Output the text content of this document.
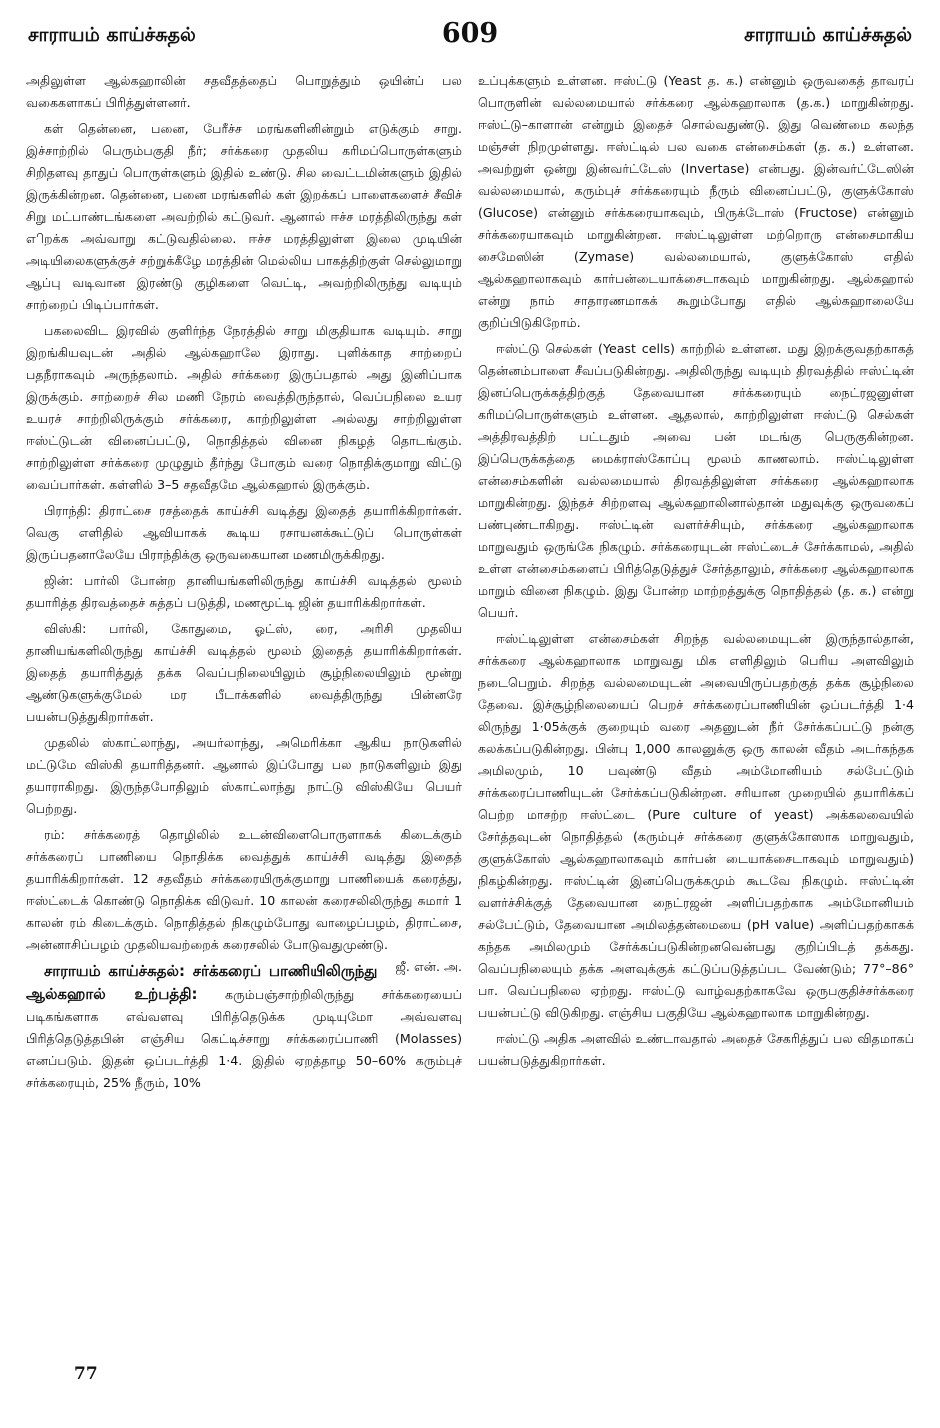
சாராயம் காய்ச்சுதல்	609	சாராயம் காய்ச்சுதல்

அதிலுள்ள ஆல்கஹாலின் சதவீதத்தைப் பொறுத்தும் ஒயின்ப் பல வகைகளாகப் பிரித்துள்ளனர்.

கள் தென்னை, பனை, பேரீச்ச மரங்களினின்றும் எடுக்கும் சாறு. இச்சாற்றில் பெரும்பகுதி நீர்; சர்க்கரை முதலிய கரிமப்பொருள்களும் சிறிதளவு தாதுப் பொருள்களும் இதில் உண்டு. சில வைட்டமின்களும் இதில் இருக்கின்றன. தென்னை, பனை மரங்களில் கள் இறக்கப் பாளைகளைச் சீவிச் சிறு மட்பாண்டங்களை அவற்றில் கட்டுவர். ஆனால் ஈச்ச மரத்திலிருந்து கள் எிறக்க அவ்வாறு கட்டுவதில்லை. ஈச்ச மரத்திலுள்ள இலை முடியின் அடியிலைகளுக்குச் சற்றுக்கீழே மரத்தின் மெல்லிய பாகத்திற்குள் செல்லுமாறு ஆப்பு வடிவான இரண்டு குழிகளை வெட்டி, அவற்றிலிருந்து வடியும் சாற்றைப் பிடிப்பார்கள்.

பகலைவிட இரவில் குளிர்ந்த நேரத்தில் சாறு மிகுதியாக வடியும். சாறு இறங்கியவுடன் அதில் ஆல்கஹாலே இராது. புளிக்காத சாற்றைப் பதநீராகவும் அருந்தலாம். அதில் சர்க்கரை இருப்பதால் அது இனிப்பாக இருக்கும். சாற்றைச் சில மணி நேரம் வைத்திருந்தால், வெப்பநிலை உயர உயரச் சாற்றிலிருக்கும் சர்க்கரை, காற்றிலுள்ள அல்லது சாற்றிலுள்ள ஈஸ்ட்டுடன் வினைப்பட்டு, நொதித்தல் வினை நிகழத் தொடங்கும். சாற்றிலுள்ள சர்க்கரை முழுதும் தீர்ந்து போகும் வரை நொதிக்குமாறு விட்டு வைப்பார்கள். கள்ளில் 3–5 சதவீதமே ஆல்கஹால் இருக்கும்.

பிராந்தி: திராட்சை ரசத்தைக் காய்ச்சி வடித்து இதைத் தயாரிக்கிறார்கள். வெகு எளிதில் ஆவியாகக் கூடிய ரசாயனக்கூட்டுப் பொருள்கள் இருப்பதனாலேயே பிராந்திக்கு ஒருவகையான மணமிருக்கிறது.

ஜின்: பார்லி போன்ற தானியங்களிலிருந்து காய்ச்சி வடித்தல் மூலம் தயாரித்த திரவத்தைச் சுத்தப் படுத்தி, மணமூட்டி ஜின் தயாரிக்கிறார்கள்.

விஸ்கி: பார்லி, கோதுமை, ஓட்ஸ், ரை, அரிசி முதலிய தானியங்களிலிருந்து காய்ச்சி வடித்தல் மூலம் இதைத் தயாரிக்கிறார்கள். இதைத் தயாரித்துத் தக்க வெப்பநிலையிலும் சூழ்நிலையிலும் மூன்று ஆண்டுகளுக்குமேல் மர பீடாக்களில் வைத்திருந்து பின்னரே பயன்படுத்துகிறார்கள்.

முதலில் ஸ்காட்லாந்து, அயர்லாந்து, அமெரிக்கா ஆகிய நாடுகளில் மட்டுமே விஸ்கி தயாரித்தனர். ஆனால் இப்போது பல நாடுகளிலும் இது தயாராகிறது. இருந்தபோதிலும் ஸ்காட்லாந்து நாட்டு விஸ்கியே பெயர் பெற்றது.

ரம்: சர்க்கரைத் தொழிலில் உடன்விளைபொருளாகக் கிடைக்கும் சர்க்கரைப் பாணியை நொதிக்க வைத்துக் காய்ச்சி வடித்து இதைத் தயாரிக்கிறார்கள். 12 சதவீதம் சர்க்கரையிருக்குமாறு பாணியைக் கரைத்து, ஈஸ்ட்டைக் கொண்டு நொதிக்க விடுவர். 10 காலன் கரைசலிலிருந்து சுமார் 1 காலன் ரம் கிடைக்கும். நொதித்தல் நிகழும்போது வாழைப்பழம், திராட்சை, அன்னாசிப்பழம் முதலியவற்றைக் கரைசலில் போடுவதுமுண்டு.
ஜீ. என். அ.

சாராயம் காய்ச்சுதல்: சர்க்கரைப் பாணியிலிருந்து ஆல்கஹால் உற்பத்தி: கரும்பஞ்சாற்றிலிருந்து சர்க்கரையைப் படிகங்களாக எவ்வளவு பிரித்தெடுக்க முடியுமோ அவ்வளவு பிரித்தெடுத்தபின் எஞ்சிய கெட்டிச்சாறு சர்க்கரைப்பாணி (Molasses) எனப்படும். இதன் ஒப்படர்த்தி 1·4. இதில் ஏறத்தாழ 50–60% கரும்புச் சர்க்கரையும், 25% நீரும், 10%

உப்புக்களும் உள்ளன. ஈஸ்ட்டு (Yeast த. க.) என்னும் ஒருவகைத் தாவரப் பொருளின் வல்லமையால் சர்க்கரை ஆல்கஹாலாக (த.க.) மாறுகின்றது. ஈஸ்ட்டு–காளான் என்றும் இதைச் சொல்வதுண்டு. இது வெண்மை கலந்த மஞ்சள் நிறமுள்ளது. ஈஸ்ட்டில் பல வகை என்சைம்கள் (த. க.) உள்ளன. அவற்றுள் ஒன்று இன்வர்ட்டேஸ் (Invertase) என்பது. இன்வர்ட்டேஸின் வல்லமையால், கரும்புச் சர்க்கரையும் நீரும் வினைப்பட்டு, குளுக்கோஸ் (Glucose) என்னும் சர்க்கரையாகவும், பிருக்டோஸ் (Fructose) என்னும் சர்க்கரையாகவும் மாறுகின்றன. ஈஸ்ட்டிலுள்ள மற்றொரு என்சைமாகிய சைமேஸின் (Zymase) வல்லமையால், குளுக்கோஸ் எதில் ஆல்கஹாலாகவும் கார்பன்டையாக்சைடாகவும் மாறுகின்றது. ஆல்கஹால் என்று நாம் சாதாரணமாகக் கூறும்போது எதில் ஆல்கஹாலையே குறிப்பிடுகிறோம்.

ஈஸ்ட்டு செல்கள் (Yeast cells) காற்றில் உள்ளன. மது இறக்குவதற்காகத் தென்னம்பாளை சீவப்படுகின்றது. அதிலிருந்து வடியும் திரவத்தில் ஈஸ்ட்டின் இனப்பெருக்கத்திற்குத் தேவையான சர்க்கரையும் நைட்ரஜனுள்ள கரிமப்பொருள்களும் உள்ளன. ஆதலால், காற்றிலுள்ள ஈஸ்ட்டு செல்கள் அத்திரவத்திற் பட்டதும் அவை பன் மடங்கு பெருகுகின்றன. இப்பெருக்கத்தை மைக்ராஸ்கோப்பு மூலம் காணலாம். ஈஸ்ட்டிலுள்ள என்சைம்களின் வல்லமையால் திரவத்திலுள்ள சர்க்கரை ஆல்கஹாலாக மாறுகின்றது. இந்தச் சிற்றளவு ஆல்கஹாலினால்தான் மதுவுக்கு ஒருவகைப் பண்புண்டாகிறது. ஈஸ்ட்டின் வளர்ச்சியும், சர்க்கரை ஆல்கஹாலாக மாறுவதும் ஒருங்கே நிகழும். சர்க்கரையுடன் ஈஸ்ட்டைச் சேர்க்காமல், அதில் உள்ள என்சைம்களைப் பிரித்தெடுத்துச் சேர்த்தாலும், சர்க்கரை ஆல்கஹாலாக மாறும் வினை நிகழும். இது போன்ற மாற்றத்துக்கு நொதித்தல் (த. க.) என்று பெயர்.

ஈஸ்ட்டிலுள்ள என்சைம்கள் சிறந்த வல்லமையுடன் இருந்தால்தான், சர்க்கரை ஆல்கஹாலாக மாறுவது மிக எளிதிலும் பெரிய அளவிலும் நடைபெறும். சிறந்த வல்லமையுடன் அவையிருப்பதற்குத் தக்க சூழ்நிலை தேவை. இச்சூழ்நிலையைப் பெறச் சர்க்கரைப்பாணியின் ஒப்படர்த்தி 1·4 லிருந்து 1·05க்குக் குறையும் வரை அதனுடன் நீர் சேர்க்கப்பட்டு நன்கு கலக்கப்படுகின்றது. பின்பு 1,000 காலனுக்கு ஒரு காலன் வீதம் அடர்கந்தக அமிலமும், 10 பவுண்டு வீதம் அம்மோனியம் சல்பேட்டும் சர்க்கரைப்பாணியுடன் சேர்க்கப்படுகின்றன. சரியான முறையில் தயாரிக்கப் பெற்ற மாசற்ற ஈஸ்ட்டை (Pure culture of yeast) அக்கலவையில் சேர்த்தவுடன் நொதித்தல் (கரும்புச் சர்க்கரை குளுக்கோஸாக மாறுவதும், குளுக்கோஸ் ஆல்கஹாலாகவும் கார்பன் டையாக்சைடாகவும் மாறுவதும்) நிகழ்கின்றது. ஈஸ்ட்டின் இனப்பெருக்கமும் கூடவே நிகழும். ஈஸ்ட்டின் வளர்ச்சிக்குத் தேவையான நைட்ரஜன் அளிப்பதற்காக அம்மோனியம் சல்பேட்டும், தேவையான அமிலத்தன்மையை (pH value) அளிப்பதற்காகக் கந்தக அமிலமும் சேர்க்கப்படுகின்றனவென்பது குறிப்பிடத் தக்கது. வெப்பநிலையும் தக்க அளவுக்குக் கட்டுப்படுத்தப்பட வேண்டும்; 77°–86° பா. வெப்பநிலை ஏற்றது. ஈஸ்ட்டு வாழ்வதற்காகவே ஒருபகுதிச்சர்க்கரை பயன்பட்டு விடுகிறது. எஞ்சிய பகுதியே ஆல்கஹாலாக மாறுகின்றது.

ஈஸ்ட்டு அதிக அளவில் உண்டாவதால் அதைச் சேகரித்துப் பல விதமாகப் பயன்படுத்துகிறார்கள்.

77
